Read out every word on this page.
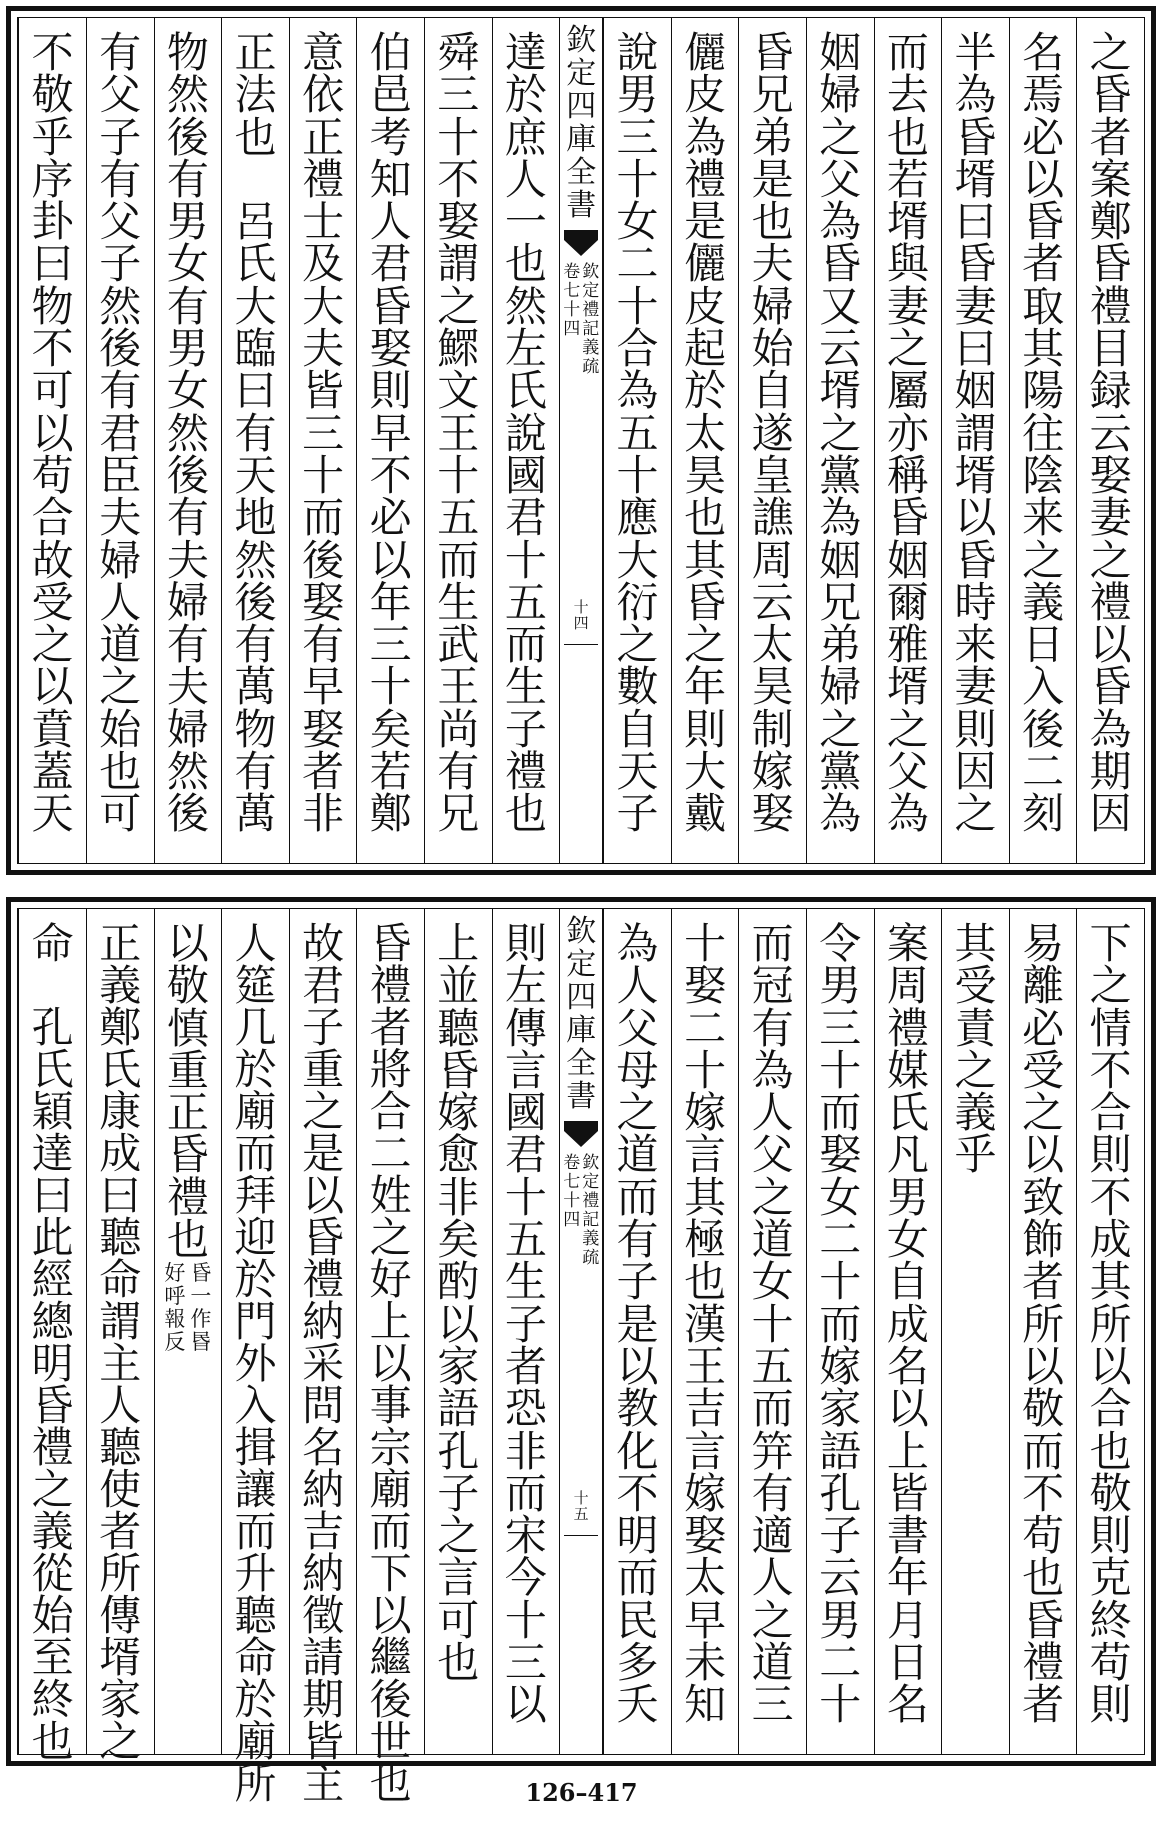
之
昏
者
案
鄭
昏
禮
目
録
云
娶
妻
之
禮
以
昏
為
期
因
名
焉
必
以
昏
者
取
其
陽
往
陰
来
之
義
日
入
後
二
刻
半
為
昏
壻
曰
昏
妻
曰
姻
謂
壻
以
昏
時
来
妻
則
因
之
而
去
也
若
壻
與
妻
之
屬
亦
稱
昏
姻
爾
雅
壻
之
父
為
姻
婦
之
父
為
昏
又
云
壻
之
黨
為
姻
兄
弟
婦
之
黨
為
昏
兄
弟
是
也
夫
婦
始
自
遂
皇
譙
周
云
太
昊
制
嫁
娶
儷
皮
為
禮
是
儷
皮
起
於
太
昊
也
其
昏
之
年
則
大
戴
說
男
三
十
女
二
十
合
為
五
十
應
大
衍
之
數
自
天
子
欽
定
四
庫
全
書
欽
定
禮
記
義
疏
卷
七
十
四
十
四
達
於
庶
人
一
也
然
左
氏
說
國
君
十
五
而
生
子
禮
也
舜
三
十
不
娶
謂
之
鰥
文
王
十
五
而
生
武
王
尚
有
兄
伯
邑
考
知
人
君
昏
娶
則
早
不
必
以
年
三
十
矣
若
鄭
意
依
正
禮
士
及
大
夫
皆
三
十
而
後
娶
有
早
娶
者
非
正
法
也

呂
氏
大
臨
曰
有
天
地
然
後
有
萬
物
有
萬
物
然
後
有
男
女
有
男
女
然
後
有
夫
婦
有
夫
婦
然
後
有
父
子
有
父
子
然
後
有
君
臣
夫
婦
人
道
之
始
也
可
不
敬
乎
序
卦
曰
物
不
可
以
苟
合
故
受
之
以
賁
蓋
天
下
之
情
不
合
則
不
成
其
所
以
合
也
敬
則
克
終
苟
則
易
離
必
受
之
以
致
飾
者
所
以
敬
而
不
苟
也
昏
禮
者
其
受
責
之
義
乎
案
周
禮
媒
氏
凡
男
女
自
成
名
以
上
皆
書
年
月
日
名
令
男
三
十
而
娶
女
二
十
而
嫁
家
語
孔
子
云
男
二
十
而
冠
有
為
人
父
之
道
女
十
五
而
笄
有
適
人
之
道
三
十
娶
二
十
嫁
言
其
極
也
漢
王
吉
言
嫁
娶
太
早
未
知
為
人
父
母
之
道
而
有
子
是
以
教
化
不
明
而
民
多
夭
欽
定
四
庫
全
書
欽
定
禮
記
義
疏
卷
七
十
四
十
五
則
左
傳
言
國
君
十
五
生
子
者
恐
非
而
宋
今
十
三
以
上
並
聽
昏
嫁
愈
非
矣
酌
以
家
語
孔
子
之
言
可
也
昏
禮
者
將
合
二
姓
之
好
上
以
事
宗
廟
而
下
以
繼
後
世
也
故
君
子
重
之
是
以
昏
禮
納
采
問
名
納
吉
納
徵
請
期
皆
主
人
筵
几
於
廟
而
拜
迎
於
門
外
入
揖
讓
而
升
聽
命
於
廟
所
以
敬
慎
重
正
昏
禮
也
昏
一
作
昬
好
呼
報
反
正
義
鄭
氏
康
成
曰
聽
命
謂
主
人
聽
使
者
所
傳
壻
家
之
命

孔
氏
穎
達
曰
此
經
總
明
昏
禮
之
義
從
始
至
終
也
126–417
